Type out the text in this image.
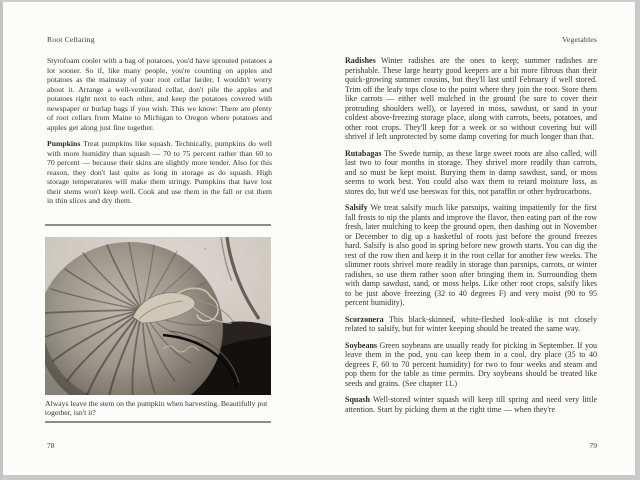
Root Cellaring

Styrofoam cooler with a bag of potatoes, you'd have sprouted potatoes a lot sooner. So if, like many people, you're counting on apples and potatoes as the mainstay of your root cellar larder, I wouldn't worry about it. Arrange a well-ventilated cellar, don't pile the apples and potatoes right next to each other, and keep the potatoes covered with newspaper or burlap bags if you wish. This we know: There are plenty of root cellars from Maine to Michigan to Oregon where potatoes and apples get along just fine together.

Pumpkins Treat pumpkins like squash. Technically, pumpkins do well with more humidity than squash — 70 to 75 percent rather than 60 to 70 percent — because their skins are slightly more tender. Also for this reason, they don't last quite as long in storage as do squash. High storage temperatures will make them stringy. Pumpkins that have lost their stems won't keep well. Cook and use them in the fall or cut them in thin slices and dry them.

Always leave the stem on the pumpkin when harvesting. Beautifully put together, isn't it?
78
Vegetables

Radishes Winter radishes are the ones to keep; summer radishes are perishable. These large hearty good keepers are a bit more fibrous than their quick-growing summer cousins, but they'll last until February if well stored. Trim off the leafy tops close to the point where they join the root. Store them like carrots — either well mulched in the ground (be sure to cover their protruding shoulders well), or layered in moss, sawdust, or sand in your coldest above-freezing storage place, along with carrots, beets, potatoes, and other root crops. They'll keep for a week or so without covering but will shrivel if left unprotected by some damp covering for much longer than that.

Rutabagas The Swede turnip, as these large sweet roots are also called, will last two to four months in storage. They shrivel more readily than carrots, and so must be kept moist. Burying them in damp sawdust, sand, or moss seems to work best. You could also wax them to retard moisture loss, as stores do, but we'd use beeswax for this, not paraffin or other hydrocarbons.

Salsify We treat salsify much like parsnips, waiting impatiently for the first fall frosts to nip the plants and improve the flavor, then eating part of the row fresh, later mulching to keep the ground open, then dashing out in November or December to dig up a basketful of roots just before the ground freezes hard. Salsify is also good in spring before new growth starts. You can dig the rest of the row then and keep it in the root cellar for another few weeks. The slimmer roots shrivel more readily in storage than parsnips, carrots, or winter radishes, so use them rather soon after bringing them in. Surrounding them with damp sawdust, sand, or moss helps. Like other root crops, salsify likes to be just above freezing (32 to 40 degrees F) and very moist (90 to 95 percent humidity).

Scorzonera This black-skinned, white-fleshed look-alike is not closely related to salsify, but for winter keeping should be treated the same way.

Soybeans Green soybeans are usually ready for picking in September. If you leave them in the pod, you can keep them in a cool, dry place (35 to 40 degrees F, 60 to 70 percent humidity) for two to four weeks and steam and pop them for the table as time permits. Dry soybeans should be treated like seeds and grains. (See chapter 11.)

Squash Well-stored winter squash will keep till spring and need very little attention. Start by picking them at the right time — when they're

79
